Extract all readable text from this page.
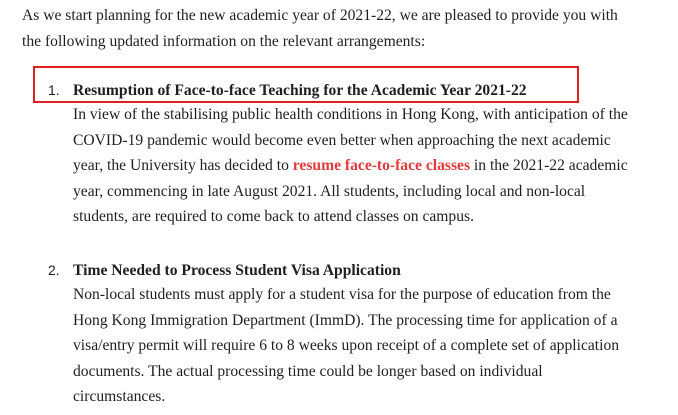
As we start planning for the new academic year of 2021-22, we are pleased to provide you with
the following updated information on the relevant arrangements:

1. Resumption of Face-to-face Teaching for the Academic Year 2021-22

In view of the stabilising public health conditions in Hong Kong, with anticipation of the
COVID-19 pandemic would become even better when approaching the next academic
year, the University has decided to resume face-to-face classes in the 2021-22 academic
year, commencing in late August 2021. All students, including local and non-local
students, are required to come back to attend classes on campus.

2. Time Needed to Process Student Visa Application

Non-local students must apply for a student visa for the purpose of education from the
Hong Kong Immigration Department (ImmD). The processing time for application of a
visa/entry permit will require 6 to 8 weeks upon receipt of a complete set of application
documents. The actual processing time could be longer based on individual
circumstances.
